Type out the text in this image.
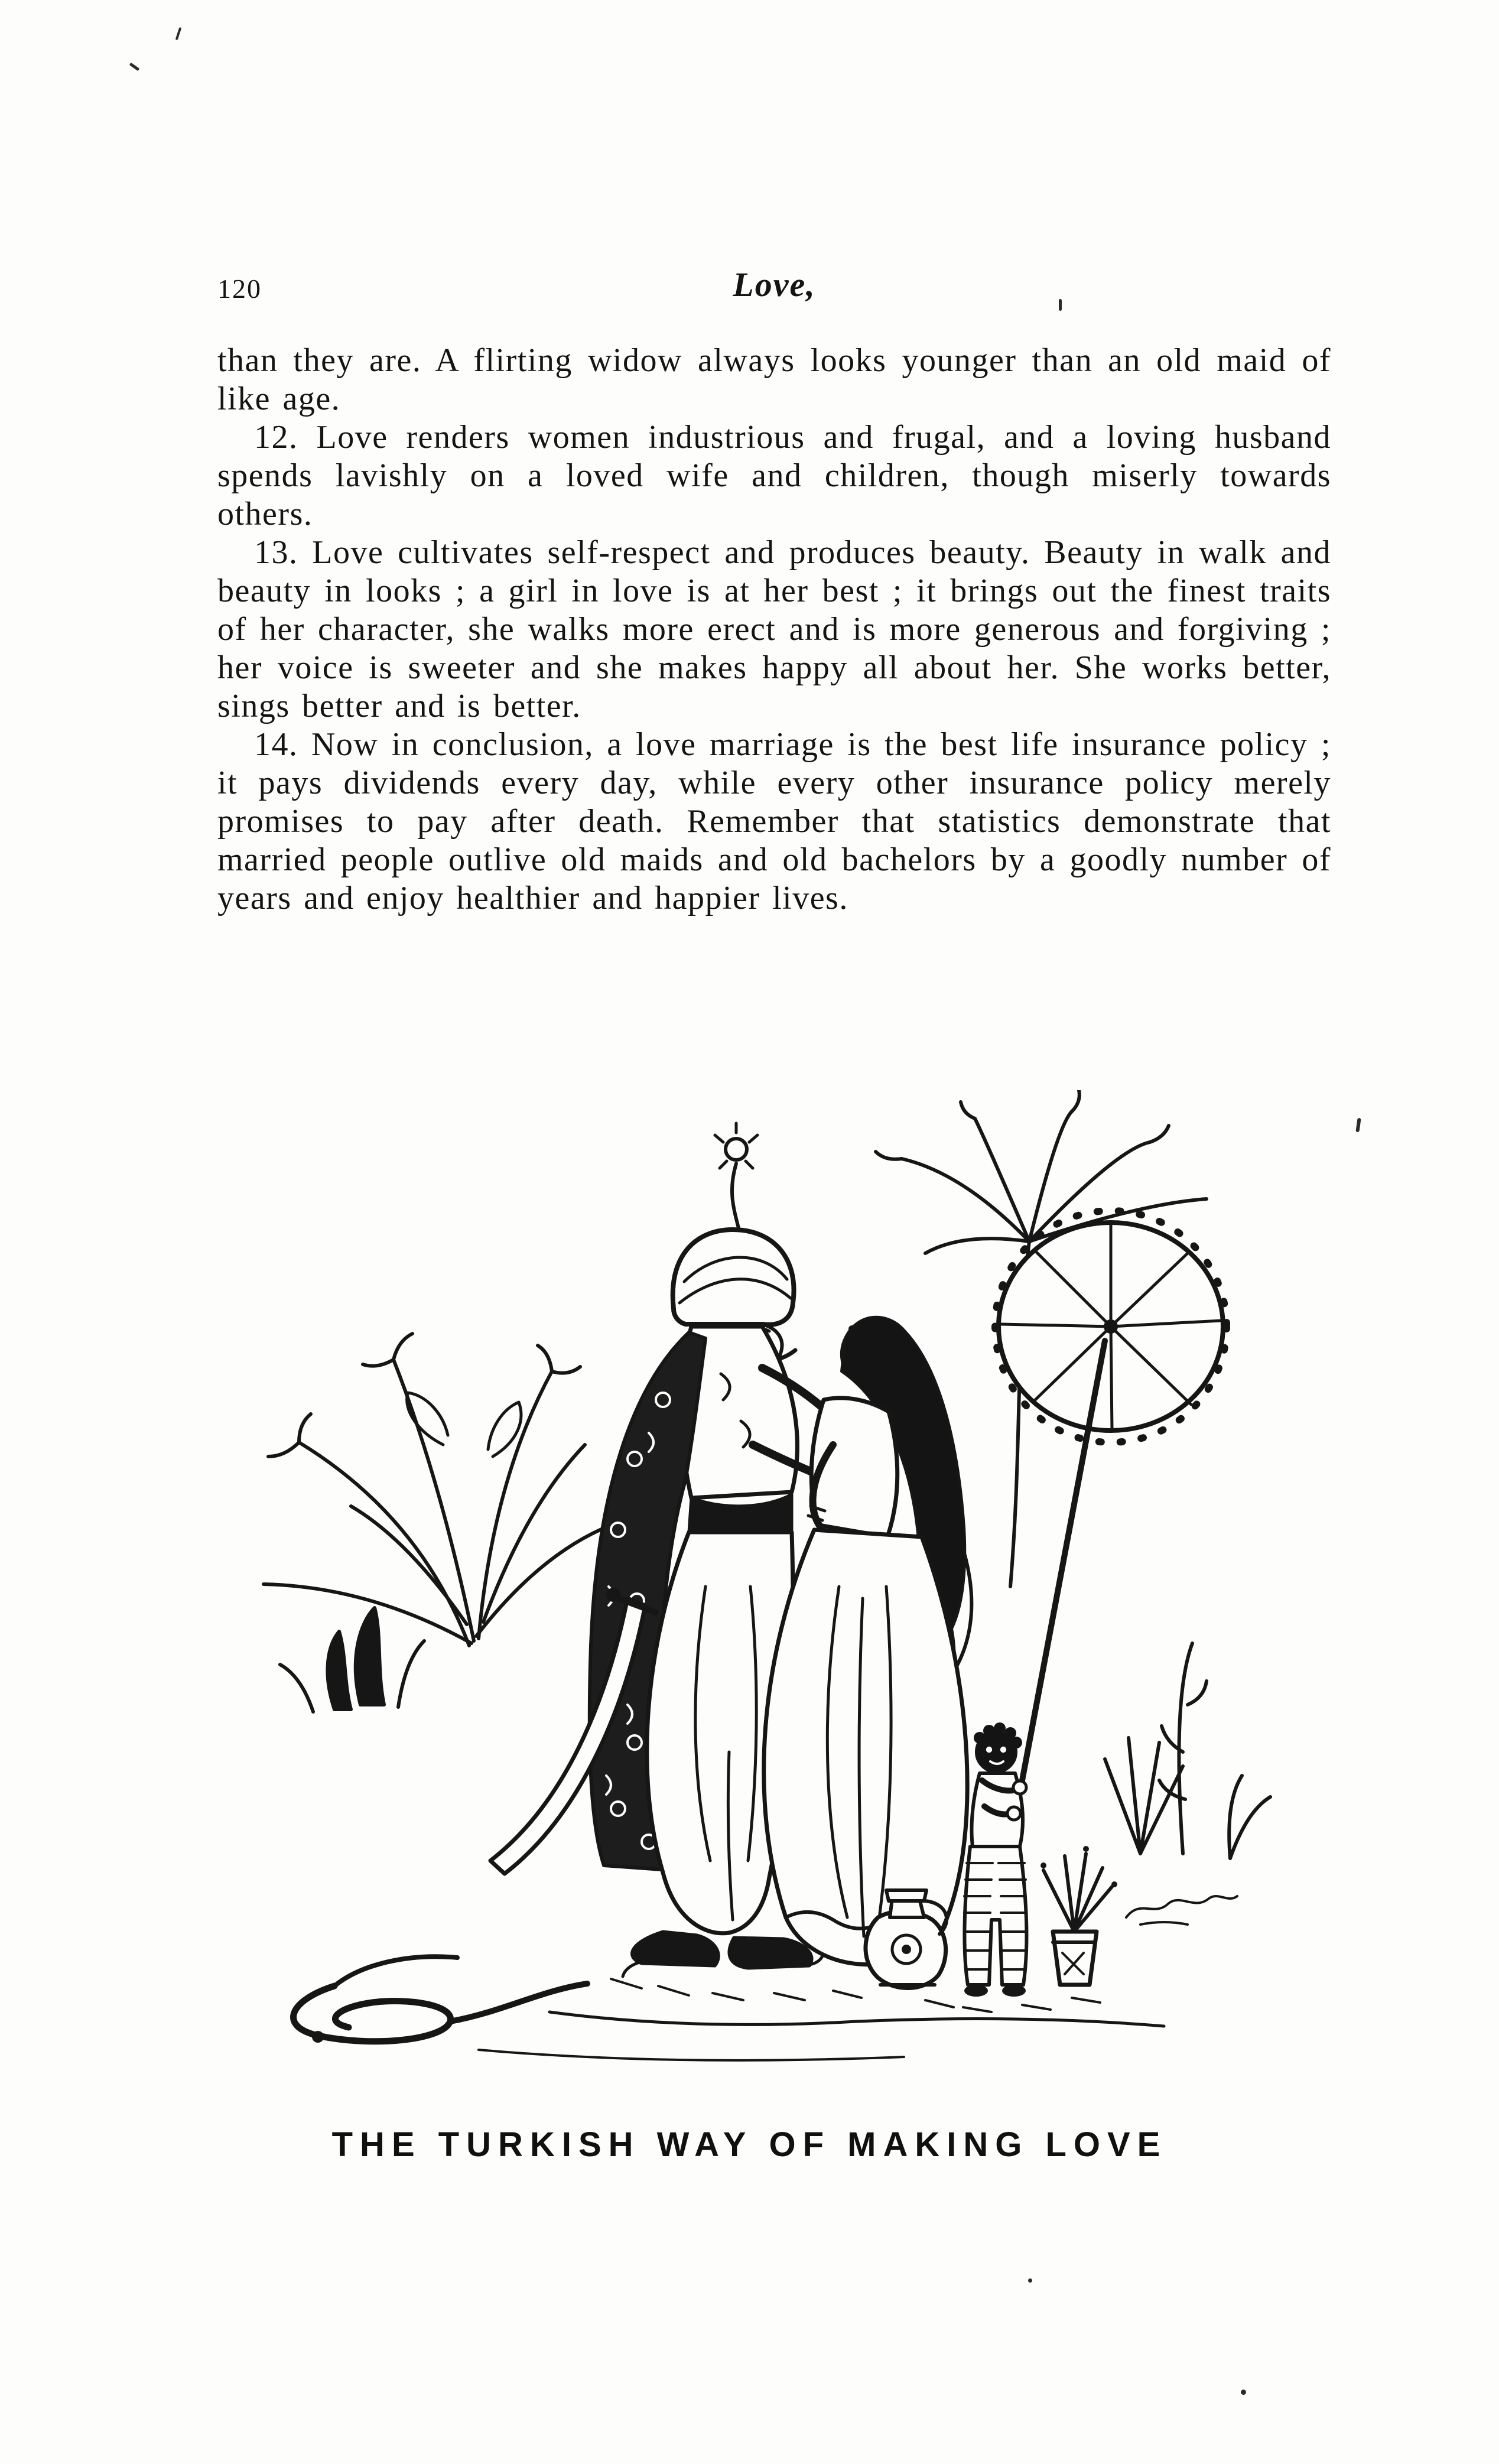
120	Love,

than they are. A flirting widow always looks younger than an old maid of like age.

12. Love renders women industrious and frugal, and a loving husband spends lavishly on a loved wife and children, though miserly towards others.

13. Love cultivates self-respect and produces beauty. Beauty in walk and beauty in looks ; a girl in love is at her best ; it brings out the finest traits of her character, she walks more erect and is more generous and forgiving ; her voice is sweeter and she makes happy all about her. She works better, sings better and is better.

14. Now in conclusion, a love marriage is the best life insurance policy ; it pays dividends every day, while every other insurance policy merely promises to pay after death. Remember that statistics demonstrate that married people outlive old maids and old bachelors by a goodly number of years and enjoy healthier and happier lives.

THE TURKISH WAY OF MAKING LOVE
